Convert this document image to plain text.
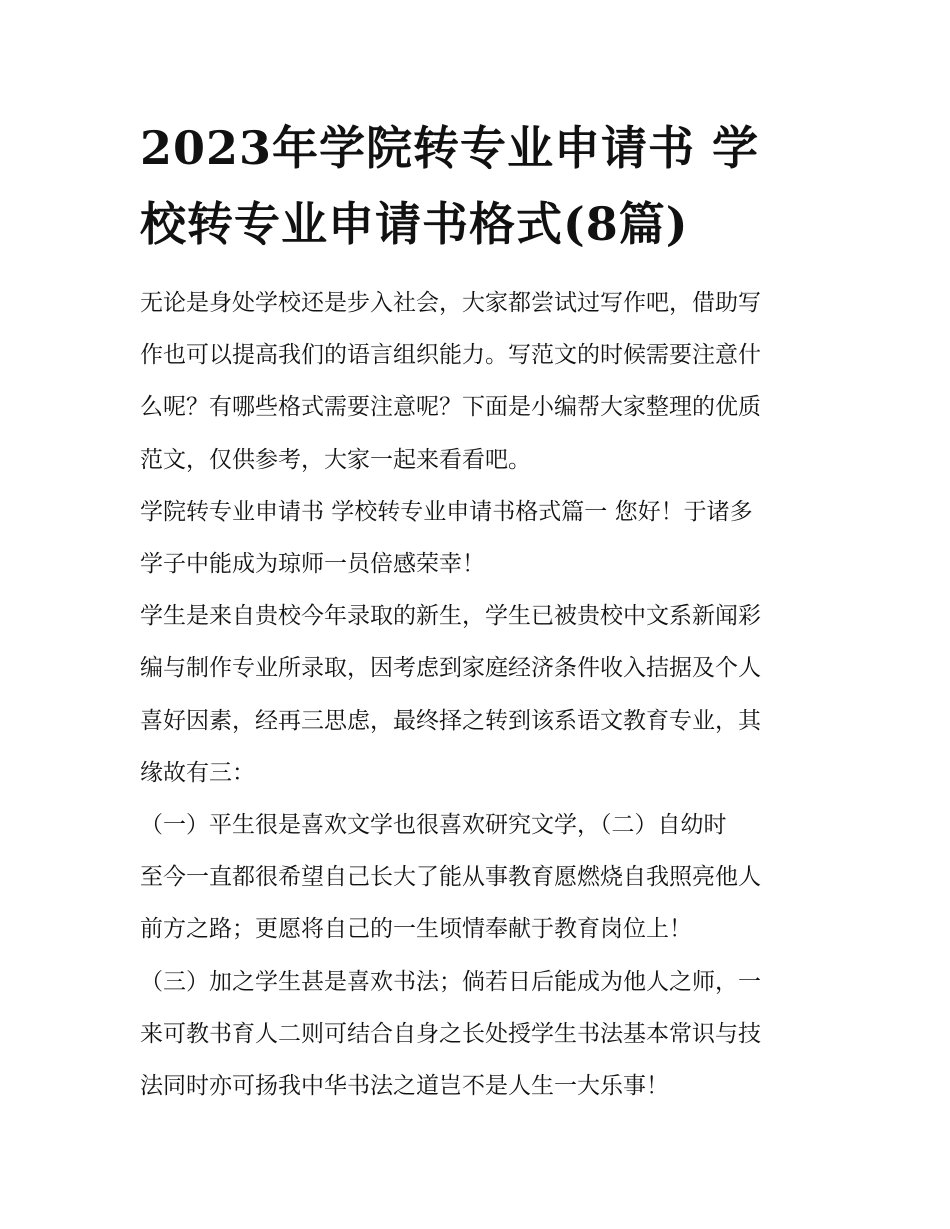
2023年学院转专业申请书 学
校转专业申请书格式(8篇)

无论是身处学校还是步入社会，大家都尝试过写作吧，借助写
作也可以提高我们的语言组织能力。写范文的时候需要注意什
么呢？有哪些格式需要注意呢？下面是小编帮大家整理的优质
范文，仅供参考，大家一起来看看吧。

学院转专业申请书 学校转专业申请书格式篇一 您好！于诸多
学子中能成为琼师一员倍感荣幸！

学生是来自贵校今年录取的新生，学生已被贵校中文系新闻彩
编与制作专业所录取，因考虑到家庭经济条件收入拮据及个人
喜好因素，经再三思虑，最终择之转到该系语文教育专业，其
缘故有三：

（一）平生很是喜欢文学也很喜欢研究文学，（二）自幼时
至今一直都很希望自己长大了能从事教育愿燃烧自我照亮他人
前方之路；更愿将自己的一生顷情奉献于教育岗位上！

（三）加之学生甚是喜欢书法；倘若日后能成为他人之师，一
来可教书育人二则可结合自身之长处授学生书法基本常识与技
法同时亦可扬我中华书法之道岂不是人生一大乐事！
